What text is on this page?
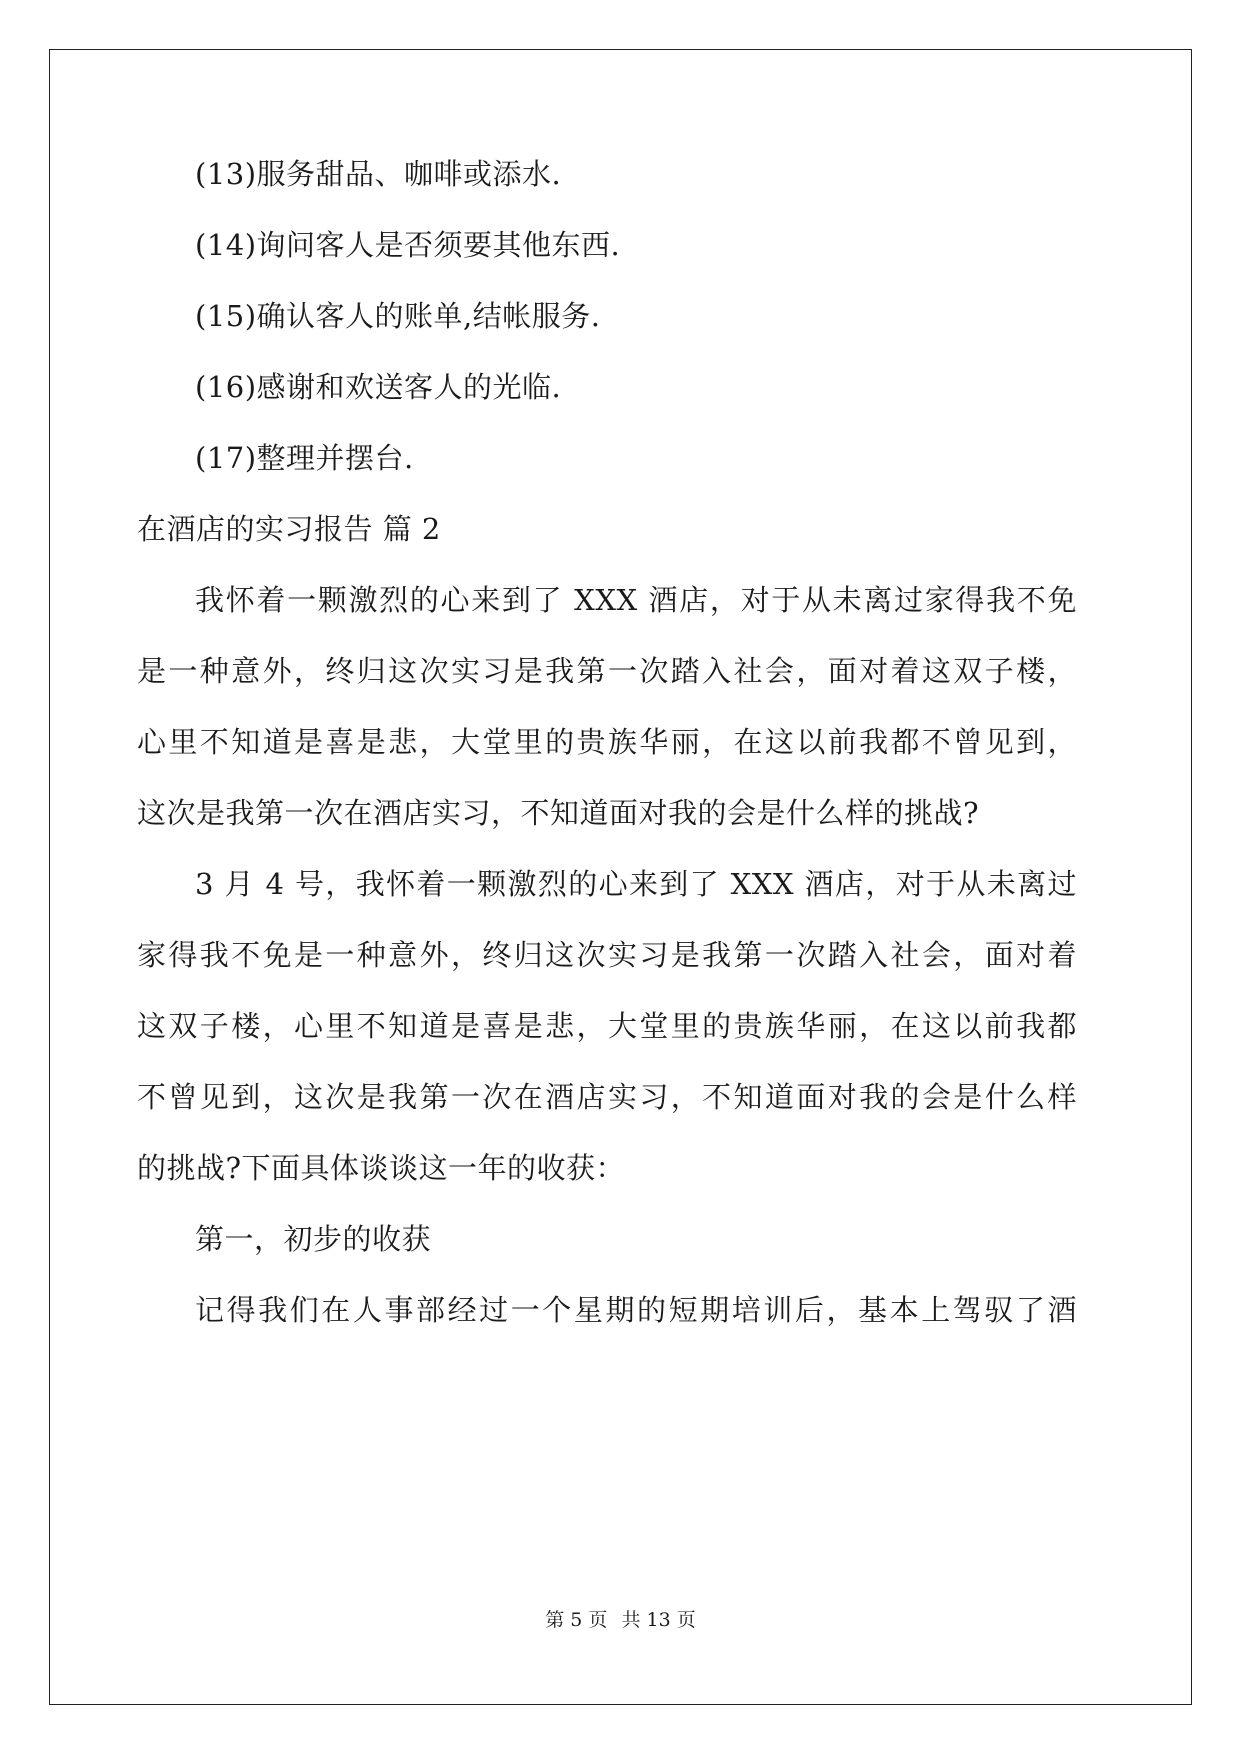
(13)服务甜品、咖啡或添水.
(14)询问客人是否须要其他东西.
(15)确认客人的账单,结帐服务.
(16)感谢和欢送客人的光临.
(17)整理并摆台.
在酒店的实习报告 篇 2
我怀着一颗激烈的心来到了 XXX 酒店，对于从未离过家得我不免
是一种意外，终归这次实习是我第一次踏入社会，面对着这双子楼，
心里不知道是喜是悲，大堂里的贵族华丽，在这以前我都不曾见到，
这次是我第一次在酒店实习，不知道面对我的会是什么样的挑战?
3 月 4 号，我怀着一颗激烈的心来到了 XXX 酒店，对于从未离过
家得我不免是一种意外，终归这次实习是我第一次踏入社会，面对着
这双子楼，心里不知道是喜是悲，大堂里的贵族华丽，在这以前我都
不曾见到，这次是我第一次在酒店实习，不知道面对我的会是什么样
的挑战?下面具体谈谈这一年的收获：
第一，初步的收获
记得我们在人事部经过一个星期的短期培训后，基本上驾驭了酒
第 5 页 共 13 页
